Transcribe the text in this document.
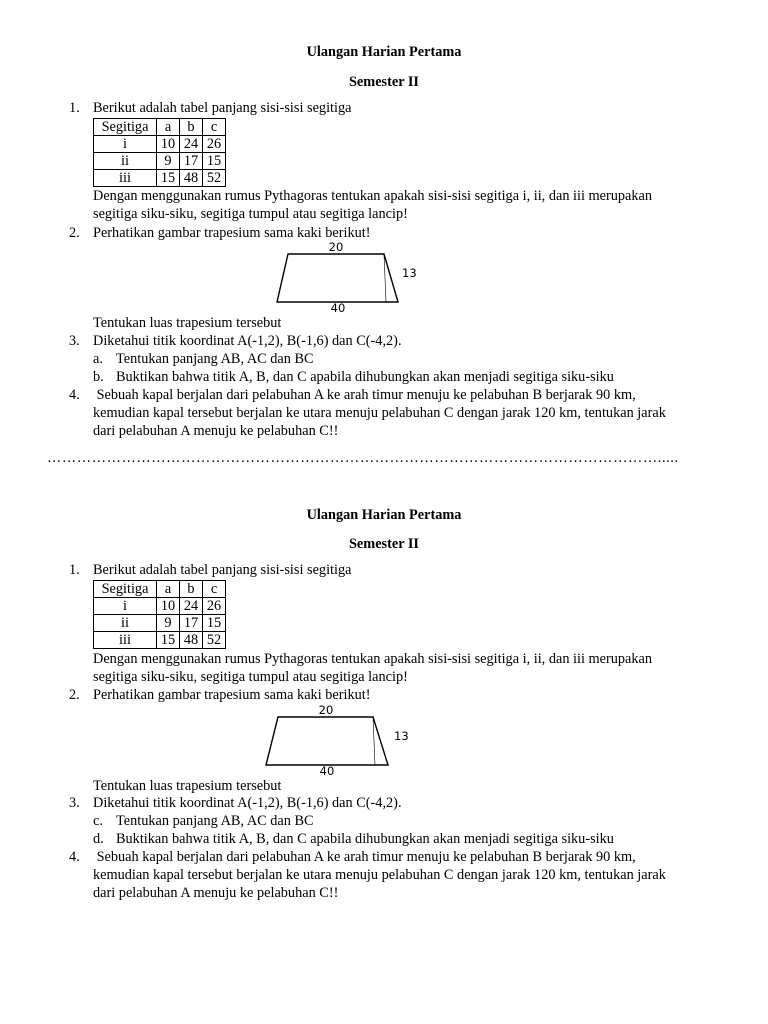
Ulangan Harian Pertama
Semester II
1. Berikut adalah tabel panjang sisi-sisi segitiga
Segitiga	a	b	c
i	10	24	26
ii	9	17	15
iii	15	48	52
Dengan menggunakan rumus Pythagoras tentukan apakah sisi-sisi segitiga i, ii, dan iii merupakan
segitiga siku-siku, segitiga tumpul atau segitiga lancip!
2. Perhatikan gambar trapesium sama kaki berikut!
20
13
40
Tentukan luas trapesium tersebut
3. Diketahui titik koordinat A(-1,2), B(-1,6) dan C(-4,2).
a. Tentukan panjang AB, AC dan BC
b. Buktikan bahwa titik A, B, dan C apabila dihubungkan akan menjadi segitiga siku-siku
4. Sebuah kapal berjalan dari pelabuhan A ke arah timur menuju ke pelabuhan B berjarak 90 km,
kemudian kapal tersebut berjalan ke utara menuju pelabuhan C dengan jarak 120 km, tentukan jarak
dari pelabuhan A menuju ke pelabuhan C!!
…………………………………………………………………………………………………………….....
Ulangan Harian Pertama
Semester II
1. Berikut adalah tabel panjang sisi-sisi segitiga
Segitiga	a	b	c
i	10	24	26
ii	9	17	15
iii	15	48	52
Dengan menggunakan rumus Pythagoras tentukan apakah sisi-sisi segitiga i, ii, dan iii merupakan
segitiga siku-siku, segitiga tumpul atau segitiga lancip!
2. Perhatikan gambar trapesium sama kaki berikut!
20
13
40
Tentukan luas trapesium tersebut
3. Diketahui titik koordinat A(-1,2), B(-1,6) dan C(-4,2).
c. Tentukan panjang AB, AC dan BC
d. Buktikan bahwa titik A, B, dan C apabila dihubungkan akan menjadi segitiga siku-siku
4. Sebuah kapal berjalan dari pelabuhan A ke arah timur menuju ke pelabuhan B berjarak 90 km,
kemudian kapal tersebut berjalan ke utara menuju pelabuhan C dengan jarak 120 km, tentukan jarak
dari pelabuhan A menuju ke pelabuhan C!!
